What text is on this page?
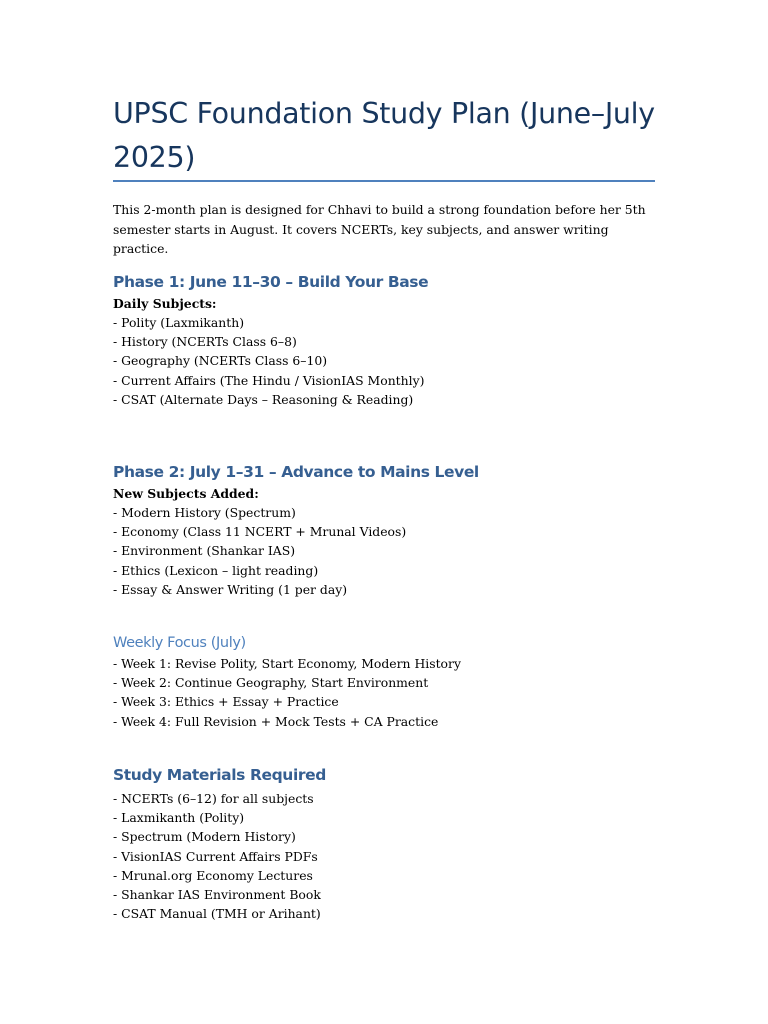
UPSC Foundation Study Plan (June–July 2025)

This 2-month plan is designed for Chhavi to build a strong foundation before her 5th semester starts in August. It covers NCERTs, key subjects, and answer writing practice.

Phase 1: June 11–30 – Build Your Base

Daily Subjects:

- Polity (Laxmikanth)
- History (NCERTs Class 6–8)
- Geography (NCERTs Class 6–10)
- Current Affairs (The Hindu / VisionIAS Monthly)
- CSAT (Alternate Days – Reasoning & Reading)
Phase 2: July 1–31 – Advance to Mains Level

New Subjects Added:

- Modern History (Spectrum)
- Economy (Class 11 NCERT + Mrunal Videos)
- Environment (Shankar IAS)
- Ethics (Lexicon – light reading)
- Essay & Answer Writing (1 per day)
Weekly Focus (July)
- Week 1: Revise Polity, Start Economy, Modern History
- Week 2: Continue Geography, Start Environment
- Week 3: Ethics + Essay + Practice
- Week 4: Full Revision + Mock Tests + CA Practice
Study Materials Required
- NCERTs (6–12) for all subjects
- Laxmikanth (Polity)
- Spectrum (Modern History)
- VisionIAS Current Affairs PDFs
- Mrunal.org Economy Lectures
- Shankar IAS Environment Book
- CSAT Manual (TMH or Arihant)
